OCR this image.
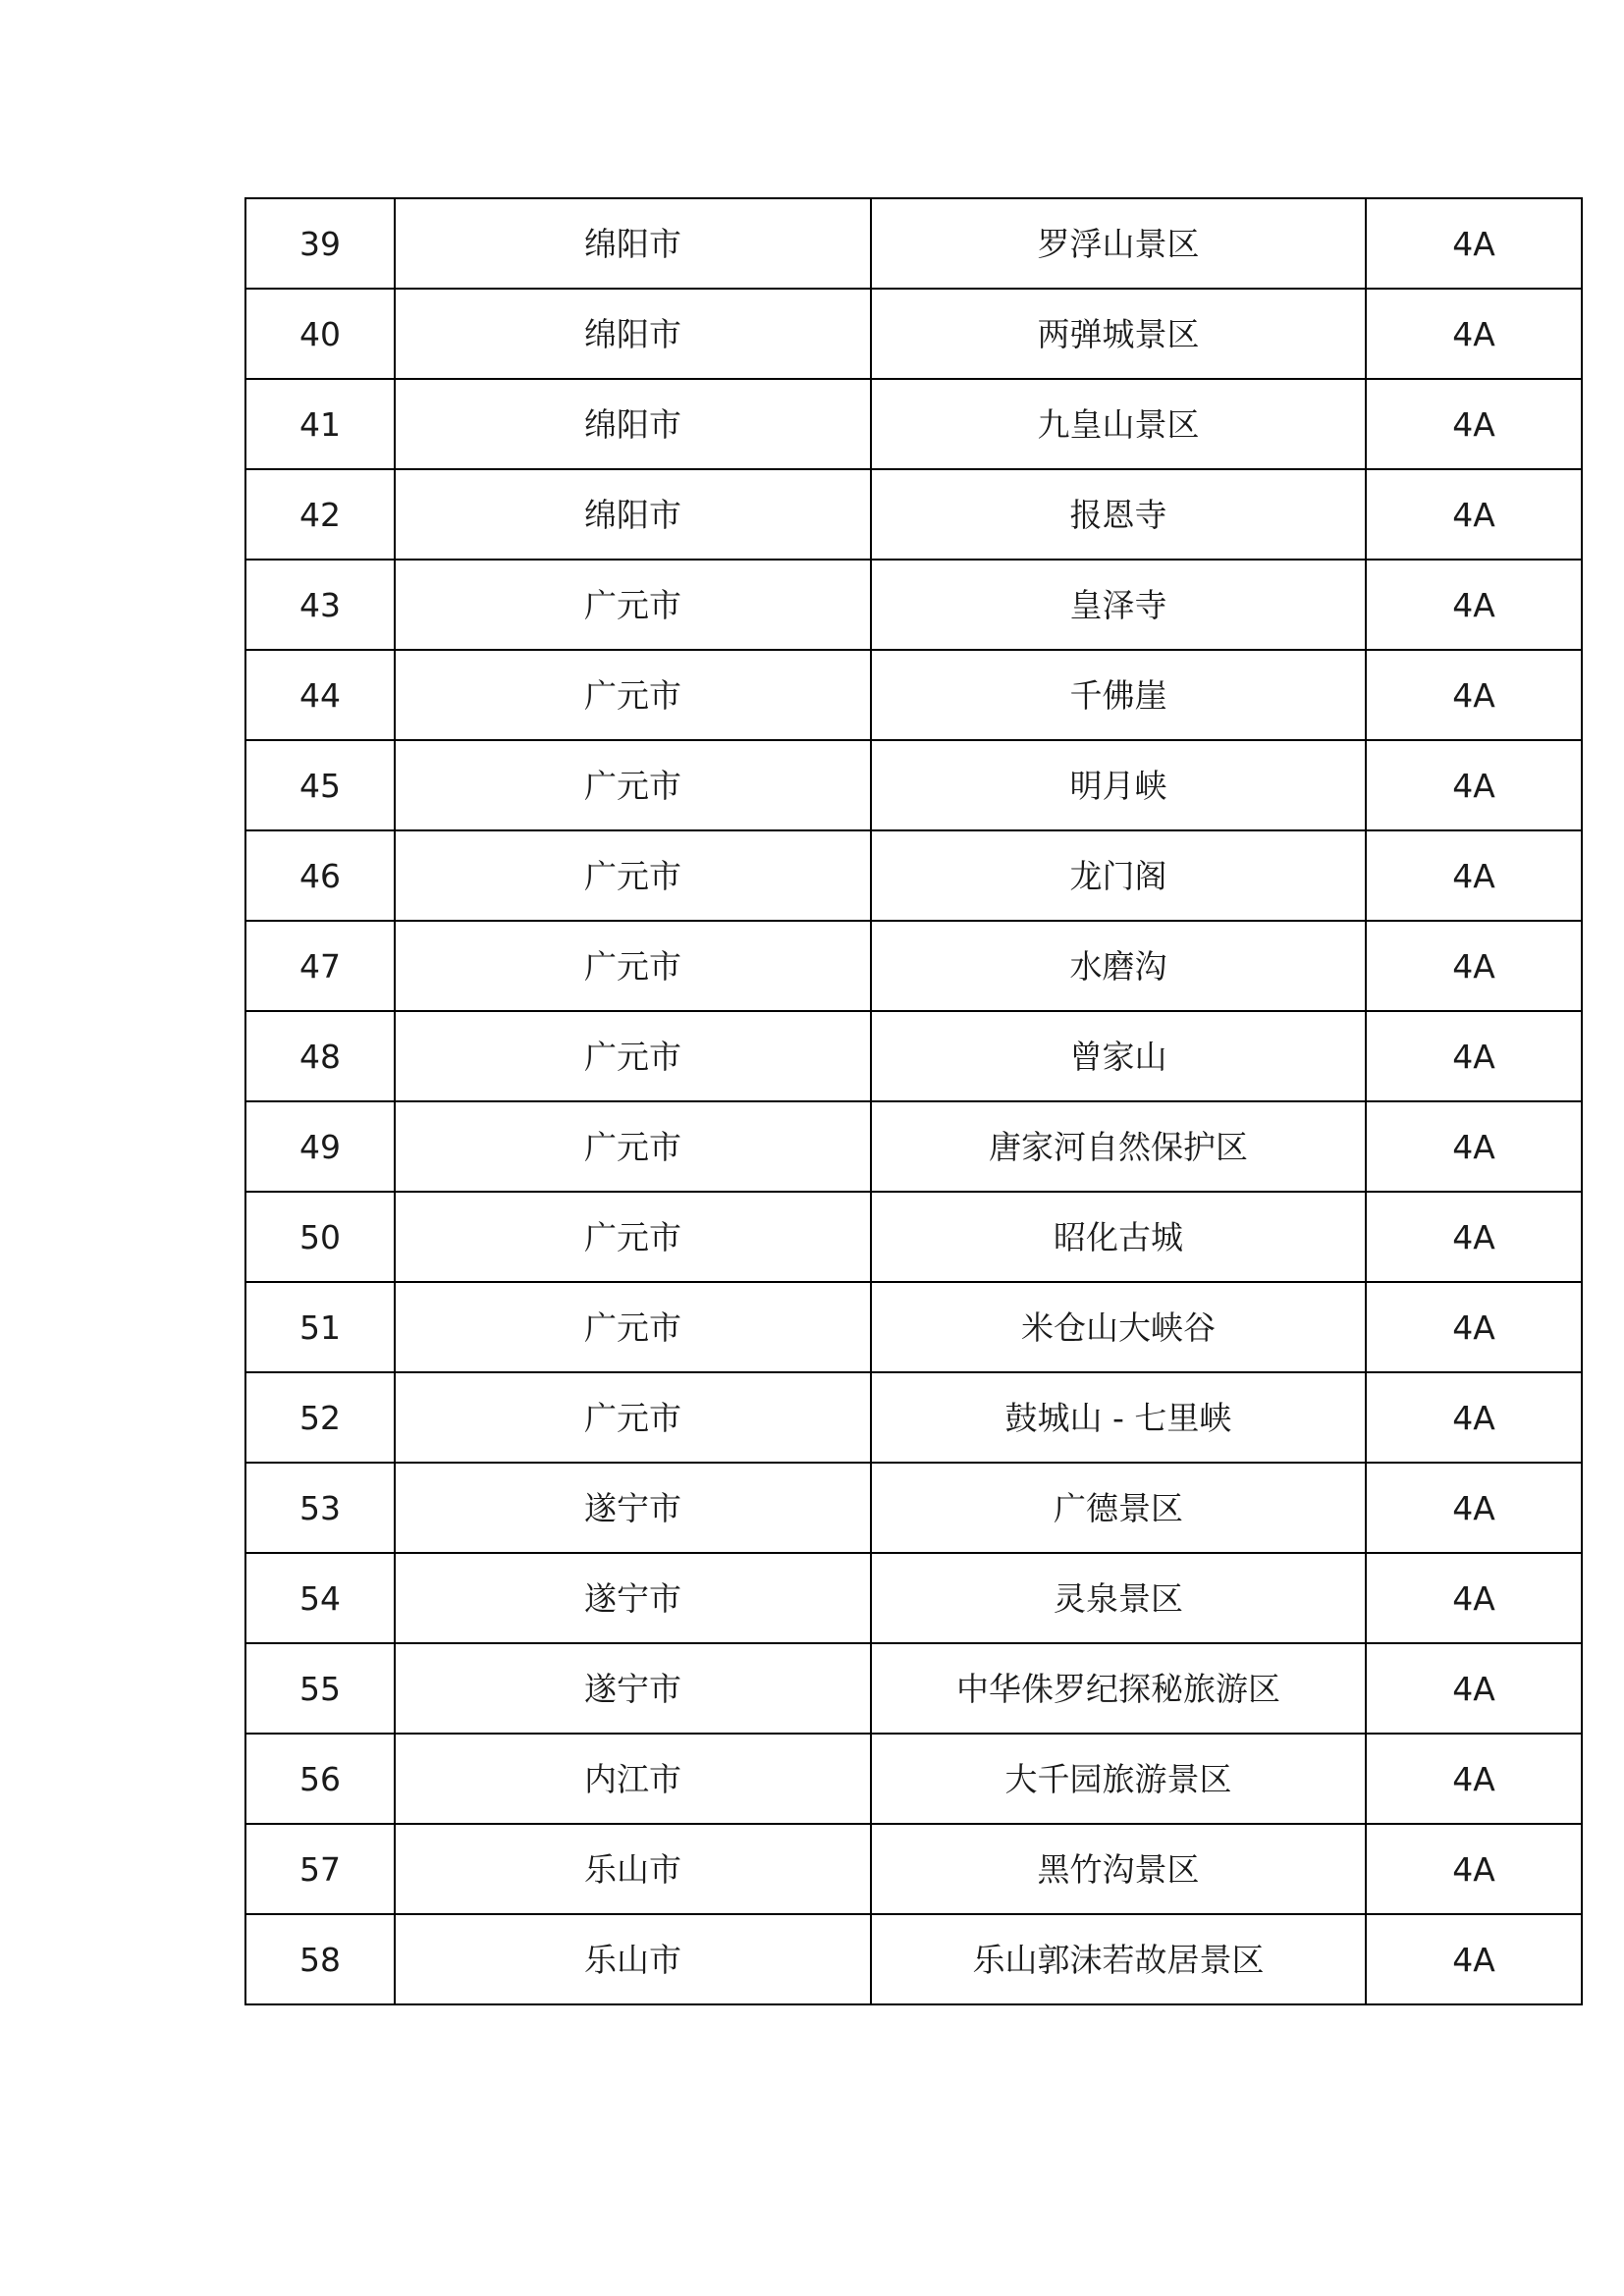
39	绵阳市	罗浮山景区	4A
40	绵阳市	两弹城景区	4A
41	绵阳市	九皇山景区	4A
42	绵阳市	报恩寺	4A
43	广元市	皇泽寺	4A
44	广元市	千佛崖	4A
45	广元市	明月峡	4A
46	广元市	龙门阁	4A
47	广元市	水磨沟	4A
48	广元市	曾家山	4A
49	广元市	唐家河自然保护区	4A
50	广元市	昭化古城	4A
51	广元市	米仓山大峡谷	4A
52	广元市	鼓城山 - 七里峡	4A
53	遂宁市	广德景区	4A
54	遂宁市	灵泉景区	4A
55	遂宁市	中华侏罗纪探秘旅游区	4A
56	内江市	大千园旅游景区	4A
57	乐山市	黑竹沟景区	4A
58	乐山市	乐山郭沫若故居景区	4A
